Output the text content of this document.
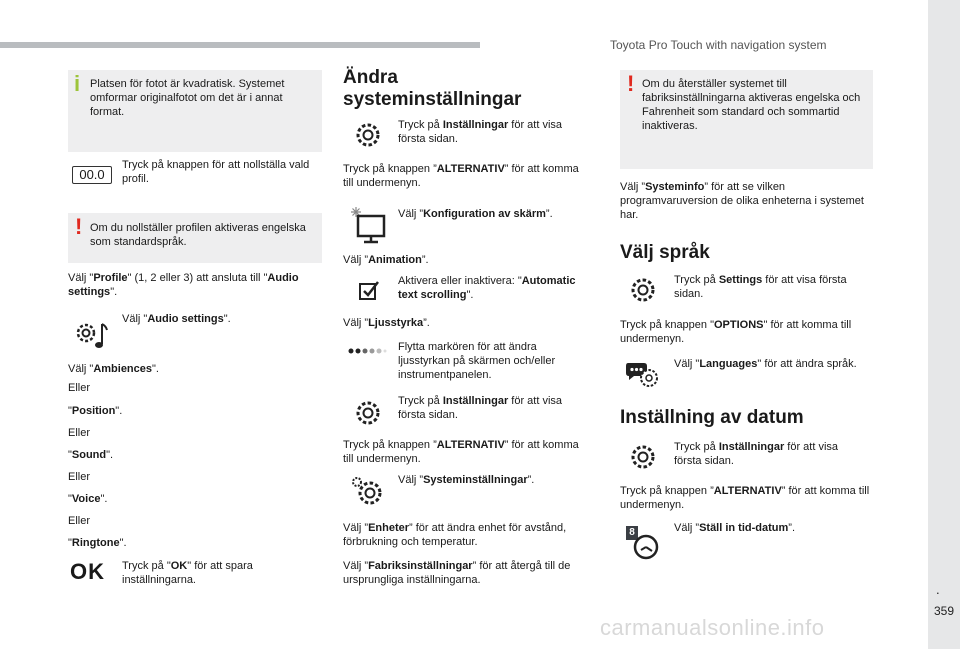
Toyota Pro Touch with navigation system
.
359
carmanualsonline.info
i Platsen för fotot är kvadratisk. Systemet omformar originalfotot om det är i annat format.
00.0
Tryck på knappen för att nollställa vald profil.
! Om du nollställer profilen aktiveras engelska som standardspråk.
Välj "Profile" (1, 2 eller 3) att ansluta till "Audio settings".
Välj "Audio settings".
Välj "Ambiences".
Eller
"Position".
Eller
"Sound".
Eller
"Voice".
Eller
"Ringtone".
OK Tryck på "OK" för att spara inställningarna.
Ändra systeminställningar
Tryck på Inställningar för att visa första sidan.
Tryck på knappen ”ALTERNATIV” för att komma till undermenyn.
Välj ”Konfiguration av skärm”.
Välj ”Animation”.
Aktivera eller inaktivera: "Automatic text scrolling".
Välj ”Ljusstyrka”.
Flytta markören för att ändra ljusstyrkan på skärmen och/eller instrumentpanelen.
Tryck på Inställningar för att visa första sidan.
Tryck på knappen ”ALTERNATIV” för att komma till undermenyn.
Välj ”Systeminställningar”.
Välj ”Enheter” för att ändra enhet för avstånd, förbrukning och temperatur.
Välj ”Fabriksinställningar” för att återgå till de ursprungliga inställningarna.
! Om du återställer systemet till fabriksinställningarna aktiveras engelska och Fahrenheit som standard och sommartid inaktiveras.
Välj ”Systeminfo” för att se vilken programvaruversion de olika enheterna i systemet har.
Välj språk
Tryck på Settings för att visa första sidan.
Tryck på knappen "OPTIONS" för att komma till undermenyn.
Välj "Languages" för att ändra språk.
Inställning av datum
Tryck på Inställningar för att visa första sidan.
Tryck på knappen ”ALTERNATIV” för att komma till undermenyn.
8	Välj ”Ställ in tid-datum”.
